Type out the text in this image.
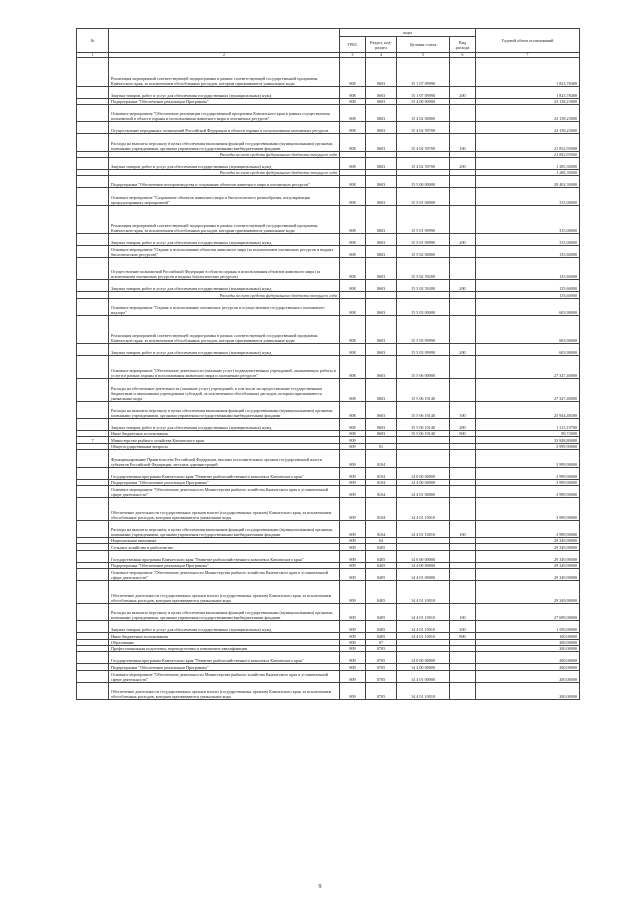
№		коды				Годовой объем ассигнований
		ГРБС	Раздел, под-раздел	Целевая статья	Вид расхода	
1	2	3	4	5	6	7
	Реализация мероприятий соответствующей подпрограммы в рамках соответствующей государственной программы Камчатского края, за исключением обособленных расходов, которым присваиваются уникальные коды	808	0603	15 1 07 09990		1 823,78400
	Закупка товаров, работ и услуг для обеспечения государственных (муниципальных) нужд	808	0603	15 1 07 09990	200	1 823,78400
	Подпрограмма "Обеспечение реализации Программы"	808	0603	15 4 00 00000		23 138,23000
	Основное мероприятие "Обеспечение реализации государственной программы Камчатского края в рамках осуществления полномочий в области охраны и использования животного мира и охотничьих ресурсов"	808	0603	15 4 02 00000		23 138,23000
	Осуществление переданных полномочий Российской Федерации в области охраны и использования охотничьих ресурсов	808	0603	15 4 02 59700		23 138,23000
	Расходы на выплаты персоналу в целях обеспечения выполнения функций государственными (муниципальными) органами, казенными учреждениями, органами управления государственными внебюджетными фондами	808	0603	15 4 02 59700	100	21 852,93000
	Расходы за счет средств федерального бюджета текущего года					21 852,93000
	Закупка товаров, работ и услуг для обеспечения государственных (муниципальных) нужд	808	0603	15 4 02 59700	200	1 285,30000
	Расходы за счет средств федерального бюджета текущего года					1 285,30000
	Подпрограмма "Обеспечение воспроизводства и сохранение объектов животного мира и охотничьих ресурсов"	808	0603	15 5 00 00000		28 402,30000
	Основное мероприятие "Сохранение объектов животного мира и биологического разнообразия, популяризация природоохранных мероприятий"	808	0603	15 5 01 00000		315,00000
	Реализация мероприятий соответствующей подпрограммы в рамках соответствующей государственной программы Камчатского края, за исключением обособленных расходов, которым присваиваются уникальные коды	808	0603	15 5 01 09990		315,00000
	Закупка товаров, работ и услуг для обеспечения государственных (муниципальных) нужд	808	0603	15 5 01 09990	200	315,00000
	Основное мероприятие "Охрана и использование объектов животного мира (за исключением охотничьих ресурсов и водных биологических ресурсов)"	808	0603	15 5 02 00000		135,60000
	Осуществление полномочий Российской Федерации в области охраны и использования объектов животного мира (за исключением охотничьих ресурсов и водных биологических ресурсов)	808	0603	15 5 02 59200		135,60000
	Закупка товаров, работ и услуг для обеспечения государственных (муниципальных) нужд	808	0603	15 5 02 59200	200	135,60000
	Расходы за счет средств федерального бюджета текущего года					135,60000
	Основное мероприятие "Охрана и использование охотничьих ресурсов и осуществление государственного охотничьего надзора"	808	0603	15 5 03 00000		603,90000
	Реализация мероприятий соответствующей подпрограммы в рамках соответствующей государственной программы Камчатского края, за исключением обособленных расходов, которым присваиваются уникальные коды	808	0603	15 5 03 09990		603,90000
	Закупка товаров, работ и услуг для обеспечения государственных (муниципальных) нужд	808	0603	15 5 03 09990	200	603,90000
	Основное мероприятие "Обеспечение деятельности (оказание услуг) подведомственных учреждений, оказывающих работы и услуги в рамках охраны и использования животного мира и охотничьих ресурсов"	808	0603	15 5 06 00000		27 347,40000
	Расходы на обеспечение деятельности (оказание услуг) учреждений, в том числе на предоставление государственным бюджетным и автономным учреждениям субсидий, за исключением обособленных расходов, которым присваиваются уникальные коды	808	0603	15 5 06 10140		27 347,40000
	Расходы на выплаты персоналу в целях обеспечения выполнения функций государственными (муниципальными) органами, казенными учреждениями, органами управления государственными внебюджетными фондами	808	0603	15 5 06 10140	100	25 944,48300
	Закупка товаров, работ и услуг для обеспечения государственных (муниципальных) нужд	808	0603	15 5 06 10140	200	1 313,19700
	Иные бюджетные ассигнования	808	0603	15 5 06 10140	800	89,72000
7	Министерство рыбного хозяйства Камчатского края	809				33 848,80000
	Общегосударственные вопросы	809	01			3 999,90000
	Функционирование Правительства Российской Федерации, высших исполнительных органов государственной власти субъектов Российской Федерации, местных администраций	809	0104			3 999,90000
	Государственная программа Камчатского края "Развитие рыбохозяйственного комплекса Камчатского края"	809	0104	14 0 00 00000		3 999,90000
	Подпрограмма "Обеспечение реализации Программы"	809	0104	14 4 00 00000		3 999,90000
	Основное мероприятие "Обеспечение деятельности Министерства рыбного хозяйства Камчатского края в установленной сфере деятельности"	809	0104	14 4 01 00000		3 999,90000
	Обеспечение деятельности государственных органов власти (государственных органов) Камчатского края, за исключением обособленных расходов, которым присваиваются уникальные коды	809	0104	14 4 01 10010		3 999,90000
	Расходы на выплаты персоналу в целях обеспечения выполнения функций государственными (муниципальными) органами, казенными учреждениями, органами управления государственными внебюджетными фондами	809	0104	14 4 01 10010	100	3 999,90000
	Национальная экономика	809	04			29 349,90000
	Сельское хозяйство и рыболовство	809	0405			29 349,90000
	Государственная программа Камчатского края "Развитие рыбохозяйственного комплекса Камчатского края"	809	0405	14 0 00 00000		29 349,90000
	Подпрограмма "Обеспечение реализации Программы"	809	0405	14 4 00 00000		29 349,90000
	Основное мероприятие "Обеспечение деятельности Министерства рыбного хозяйства Камчатского края в установленной сфере деятельности"	809	0405	14 4 01 00000		29 349,90000
	Обеспечение деятельности государственных органов власти (государственных органов) Камчатского края, за исключением обособленных расходов, которым присваиваются уникальные коды	809	0405	14 4 01 10010		29 349,90000
	Расходы на выплаты персоналу в целях обеспечения выполнения функций государственными (муниципальными) органами, казенными учреждениями, органами управления государственными внебюджетными фондами	809	0405	14 4 01 10010	100	27 699,00000
	Закупка товаров, работ и услуг для обеспечения государственных (муниципальных) нужд	809	0405	14 4 01 10010	200	1 550,90000
	Иные бюджетные ассигнования	809	0405	14 4 01 10010	800	100,00000
	Образование	809	07			200,00000
	Профессиональная подготовка, переподготовка и повышение квалификации	809	0705			200,00000
	Государственная программа Камчатского края "Развитие рыбохозяйственного комплекса Камчатского края"	809	0705	14 0 00 00000		200,00000
	Подпрограмма "Обеспечение реализации Программы"	809	0705	14 4 00 00000		200,00000
	Основное мероприятие "Обеспечение деятельности Министерства рыбного хозяйства Камчатского края в установленной сфере деятельности"	809	0705	14 4 01 00000		200,00000
	Обеспечение деятельности государственных органов власти (государственных органов) Камчатского края, за исключением обособленных расходов, которым присваиваются уникальные коды	809	0705	14 4 01 10010		200,00000
9
